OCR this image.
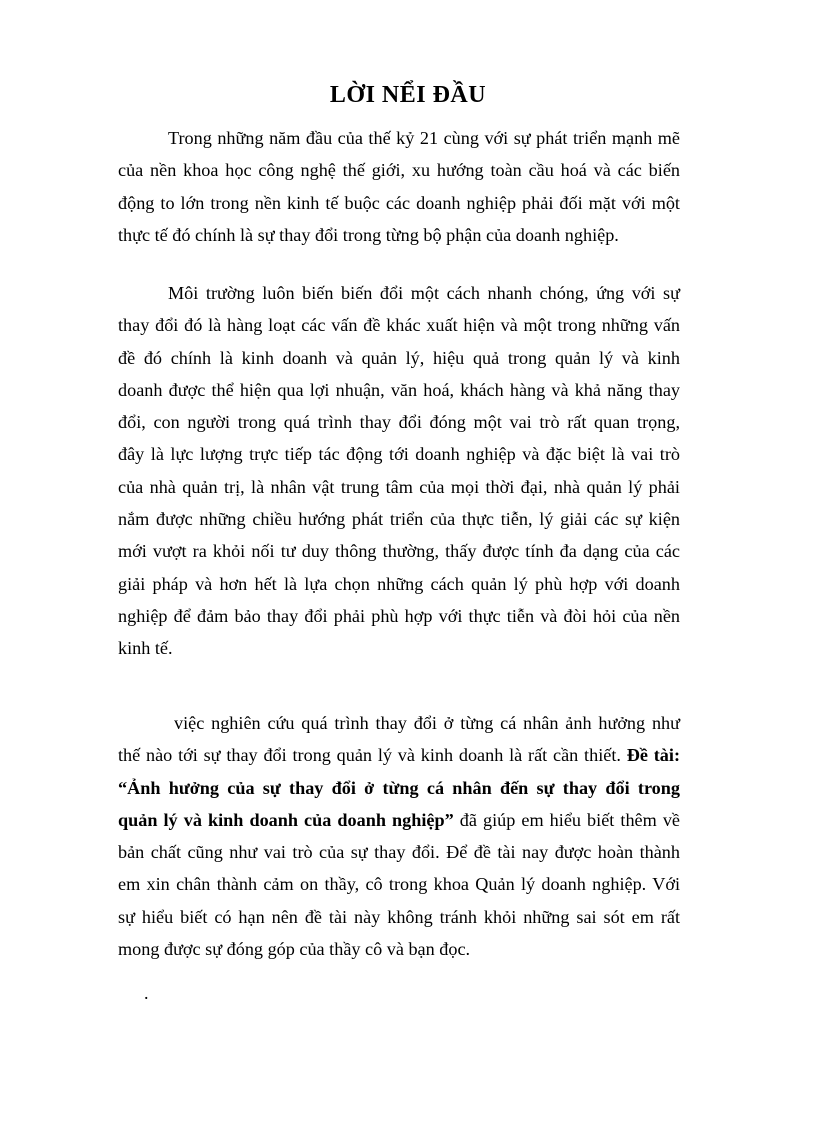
LỜI NỂI ĐẦU
Trong những năm đầu của thế kỷ 21 cùng với sự phát triển mạnh mẽ
của nền khoa học công nghệ thế giới, xu hướng toàn cầu hoá và các biến
động to lớn trong nền kinh tế buộc các doanh nghiệp phải đối mặt với một
thực tế đó chính là sự thay đổi trong từng bộ phận của doanh nghiệp.
Môi trường luôn biến biến đổi một cách nhanh chóng, ứng với sự
thay đổi đó là hàng loạt các vấn đề khác xuất hiện và một trong những vấn
đề đó chính là kinh doanh và quản lý, hiệu quả trong quản lý và kinh
doanh được thể hiện qua lợi nhuận, văn hoá, khách hàng và khả năng thay
đổi, con người trong quá trình thay đổi đóng một vai trò rất quan trọng,
đây là lực lượng trực tiếp tác động tới doanh nghiệp và đặc biệt là vai trò
của nhà quản trị, là nhân vật trung tâm của mọi thời đại, nhà quản lý phải
nắm được những chiều hướng phát triển của thực tiễn, lý giải các sự kiện
mới vượt ra khỏi nối tư duy thông thường, thấy được tính đa dạng của các
giải pháp và hơn hết là lựa chọn những cách quản lý phù hợp với doanh
nghiệp để đảm bảo thay đổi phải phù hợp với thực tiễn và đòi hỏi của nền
kinh tế.
việc nghiên cứu quá trình thay đổi ở từng cá nhân ảnh hưởng như
thế nào tới sự thay đổi trong quản lý và kinh doanh là rất cần thiết. Đề tài:
“Ảnh hưởng của sự thay đổi ở từng cá nhân đến sự thay đổi trong
quản lý và kinh doanh của doanh nghiệp” đã giúp em hiểu biết thêm về
bản chất cũng như vai trò của sự thay đổi. Để đề tài nay được hoàn thành
em xin chân thành cảm on thầy, cô trong khoa Quản lý doanh nghiệp. Với
sự hiểu biết có hạn nên đề tài này không tránh khỏi những sai sót em rất
mong được sự đóng góp của thầy cô và bạn đọc.
.
